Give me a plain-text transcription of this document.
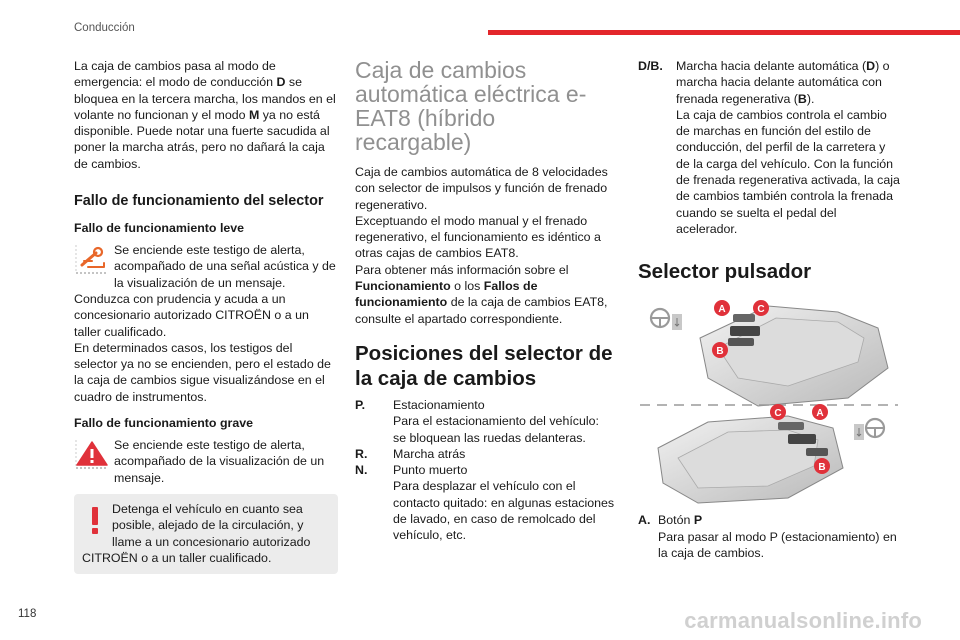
Conducción

La caja de cambios pasa al modo de emergencia: el modo de conducción D se bloquea en la tercera marcha, los mandos en el volante no funcionan y el modo M ya no está disponible. Puede notar una fuerte sacudida al poner la marcha atrás, pero no dañará la caja de cambios.

Fallo de funcionamiento del selector
Fallo de funcionamiento leve

Se enciende este testigo de alerta, acompañado de una señal acústica y de la visualización de un mensaje.

Conduzca con prudencia y acuda a un concesionario autorizado CITROËN o a un taller cualificado.

En determinados casos, los testigos del selector ya no se encienden, pero el estado de la caja de cambios sigue visualizándose en el cuadro de instrumentos.

Fallo de funcionamiento grave

Se enciende este testigo de alerta, acompañado de la visualización de un mensaje.

Detenga el vehículo en cuanto sea posible, alejado de la circulación, y llame a un concesionario autorizado CITROËN o a un taller cualificado.

Caja de cambios automática eléctrica e-EAT8 (híbrido recargable)

Caja de cambios automática de 8 velocidades con selector de impulsos y función de frenado regenerativo.

Exceptuando el modo manual y el frenado regenerativo, el funcionamiento es idéntico a otras cajas de cambios EAT8.

Para obtener más información sobre el Funcionamiento o los Fallos de funcionamiento de la caja de cambios EAT8, consulte el apartado correspondiente.

Posiciones del selector de la caja de cambios
P.	Estacionamiento
Para el estacionamiento del vehículo: se bloquean las ruedas delanteras.
R.	Marcha atrás
N.	Punto muerto
Para desplazar el vehículo con el contacto quitado: en algunas estaciones de lavado, en caso de remolcado del vehículo, etc.
D/B.	Marcha hacia delante automática (D) o marcha hacia delante automática con frenada regenerativa (B).
La caja de cambios controla el cambio de marchas en función del estilo de conducción, del perfil de la carretera y de la carga del vehículo. Con la función de frenada regenerativa activada, la caja de cambios también controla la frenada cuando se suelta el pedal del acelerador.
Selector pulsador
A	C
B
C	A
B
A. Botón P
Para pasar al modo P (estacionamiento) en la caja de cambios.
118	carmanualsonline.info
